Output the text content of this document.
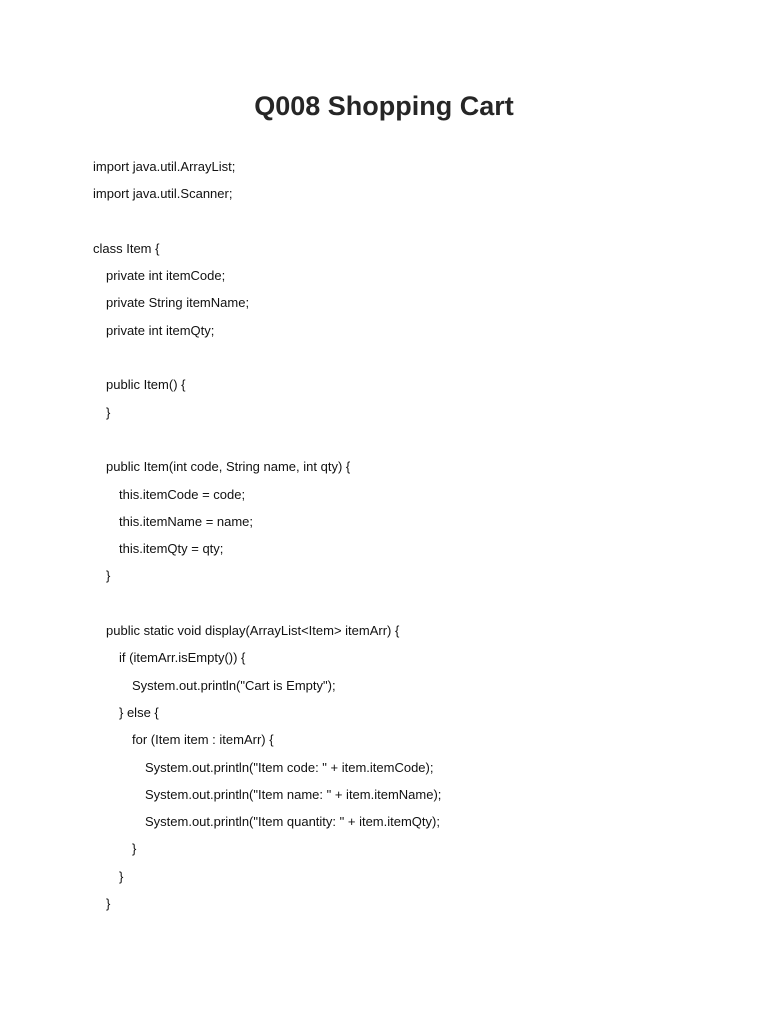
Q008 Shopping Cart
import java.util.ArrayList;
import java.util.Scanner;
class Item {
private int itemCode;
private String itemName;
private int itemQty;
public Item() {
}
public Item(int code, String name, int qty) {
this.itemCode = code;
this.itemName = name;
this.itemQty = qty;
}
public static void display(ArrayList<Item> itemArr) {
if (itemArr.isEmpty()) {
System.out.println("Cart is Empty");
} else {
for (Item item : itemArr) {
System.out.println("Item code: " + item.itemCode);
System.out.println("Item name: " + item.itemName);
System.out.println("Item quantity: " + item.itemQty);
}
}
}
